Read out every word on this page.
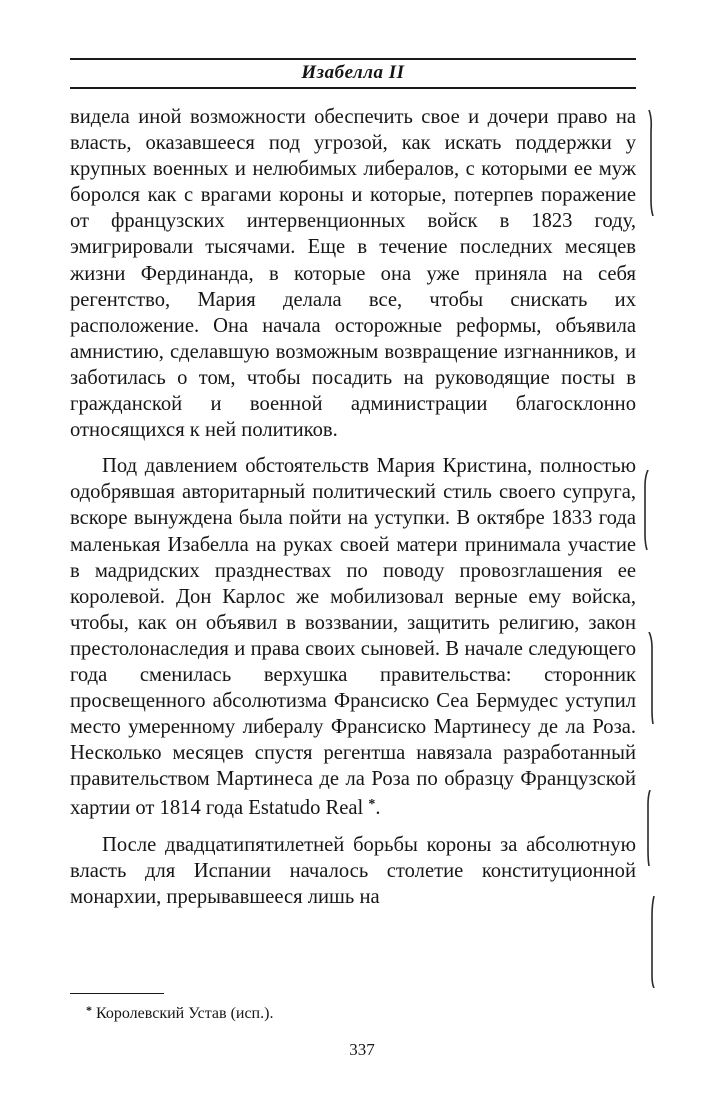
Изабелла II

видела иной возможности обеспечить свое и дочери право на власть, оказавшееся под угрозой, как искать поддержки у крупных военных и нелюбимых либералов, с которыми ее муж боролся как с врагами короны и которые, потерпев поражение от французских интервенционных войск в 1823 году, эмигрировали тысячами. Еще в течение последних месяцев жизни Фердинанда, в которые она уже приняла на себя регентство, Мария делала все, чтобы снискать их расположение. Она начала осторожные реформы, объявила амнистию, сделавшую возможным возвращение изгнанников, и заботилась о том, чтобы посадить на руководящие посты в гражданской и военной администрации благосклонно относящихся к ней политиков.

Под давлением обстоятельств Мария Кристина, полностью одобрявшая авторитарный политический стиль своего супруга, вскоре вынуждена была пойти на уступки. В октябре 1833 года маленькая Изабелла на руках своей матери принимала участие в мадридских празднествах по поводу провозглашения ее королевой. Дон Карлос же мобилизовал верные ему войска, чтобы, как он объявил в воззвании, защитить религию, закон престолонаследия и права своих сыновей. В начале следующего года сменилась верхушка правительства: сторонник просвещенного абсолютизма Франсиско Сеа Бермудес уступил место умеренному либералу Франсиско Мартинесу де ла Роза. Несколько месяцев спустя регентша навязала разработанный правительством Мартинеса де ла Роза по образцу Французской хартии от 1814 года Estatudo Real *.

После двадцатипятилетней борьбы короны за абсолютную власть для Испании началось столетие конституционной монархии, прерывавшееся лишь на

* Королевский Устав (исп.).
337
